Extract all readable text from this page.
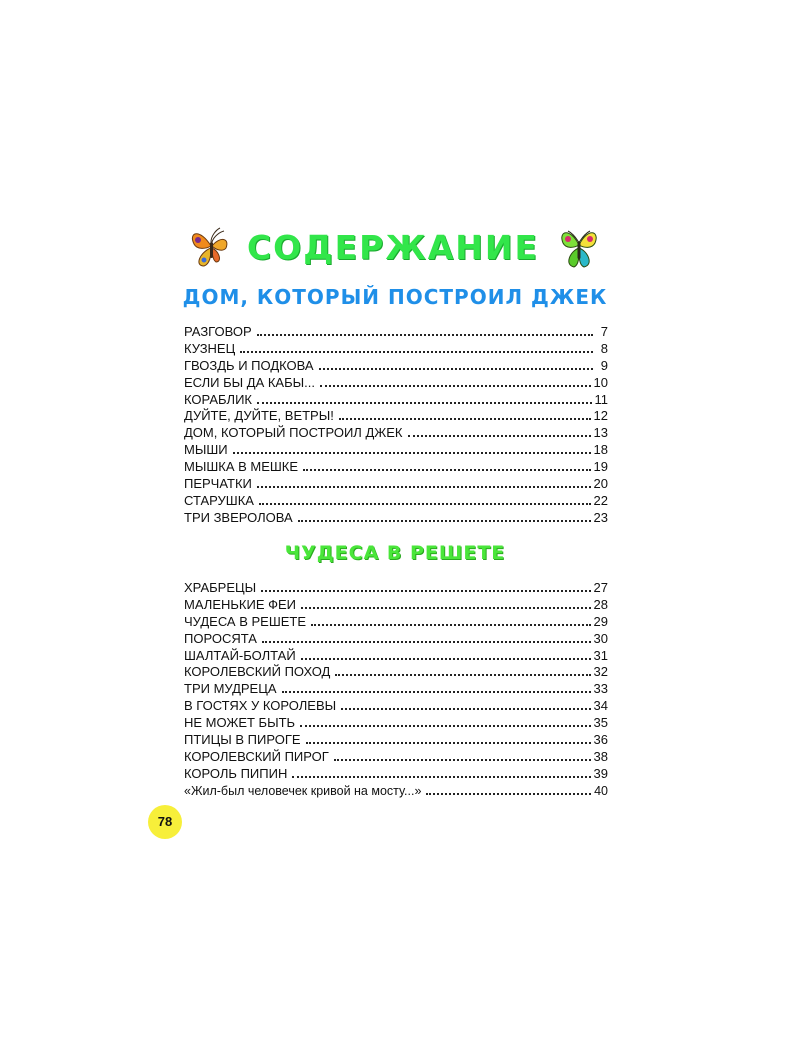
СОДЕРЖАНИЕ
ДОМ, КОТОРЫЙ ПОСТРОИЛ ДЖЕК
РАЗГОВОР	7
КУЗНЕЦ	8
ГВОЗДЬ И ПОДКОВА	9
ЕСЛИ БЫ ДА КАБЫ...	10
КОРАБЛИК	11
ДУЙТЕ, ДУЙТЕ, ВЕТРЫ!	12
ДОМ, КОТОРЫЙ ПОСТРОИЛ ДЖЕК	13
МЫШИ	18
МЫШКА В МЕШКЕ	19
ПЕРЧАТКИ	20
СТАРУШКА	22
ТРИ ЗВЕРОЛОВА	23
ЧУДЕСА В РЕШЕТЕ
ХРАБРЕЦЫ	27
МАЛЕНЬКИЕ ФЕИ	28
ЧУДЕСА В РЕШЕТЕ	29
ПОРОСЯТА	30
ШАЛТАЙ-БОЛТАЙ	31
КОРОЛЕВСКИЙ ПОХОД	32
ТРИ МУДРЕЦА	33
В ГОСТЯХ У КОРОЛЕВЫ	34
НЕ МОЖЕТ БЫТЬ	35
ПТИЦЫ В ПИРОГЕ	36
КОРОЛЕВСКИЙ ПИРОГ	38
КОРОЛЬ ПИПИН	39
«Жил-был человечек кривой на мосту...»	40
78
